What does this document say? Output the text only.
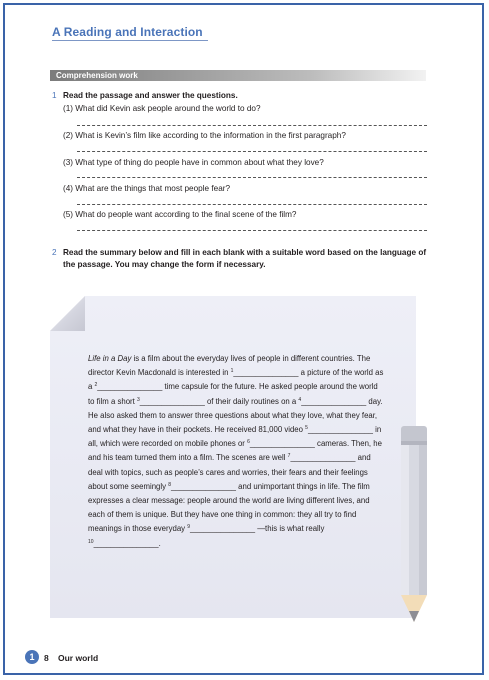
A Reading and Interaction
Comprehension work
1 Read the passage and answer the questions.
(1) What did Kevin ask people around the world to do?
(2) What is Kevin’s film like according to the information in the first paragraph?
(3) What type of thing do people have in common about what they love?
(4) What are the things that most people fear?
(5) What do people want according to the final scene of the film?
2 Read the summary below and fill in each blank with a suitable word based on the language of the passage. You may change the form if necessary.
Life in a Day is a film about the everyday lives of people in different countries. The director Kevin Macdonald is interested in $^1$_______________ a picture of the world as a $^2$_______________ time capsule for the future. He asked people around the world to film a short $^3$_______________ of their daily routines on a $^4$_______________ day. He also asked them to answer three questions about what they love, what they fear, and what they have in their pockets. He received 81,000 video $^5$_______________ in all, which were recorded on mobile phones or $^6$_______________ cameras. Then, he and his team turned them into a film. The scenes are well $^7$_______________ and deal with topics, such as people’s cares and worries, their fears and their feelings about some seemingly $^8$_______________ and unimportant things in life. The film expresses a clear message: people around the world are living different lives, and each of them is unique. But they have one thing in common: they all try to find meanings in those everyday $^9$_______________ —this is what really $^{10}$_______________.
1	8 Our world
